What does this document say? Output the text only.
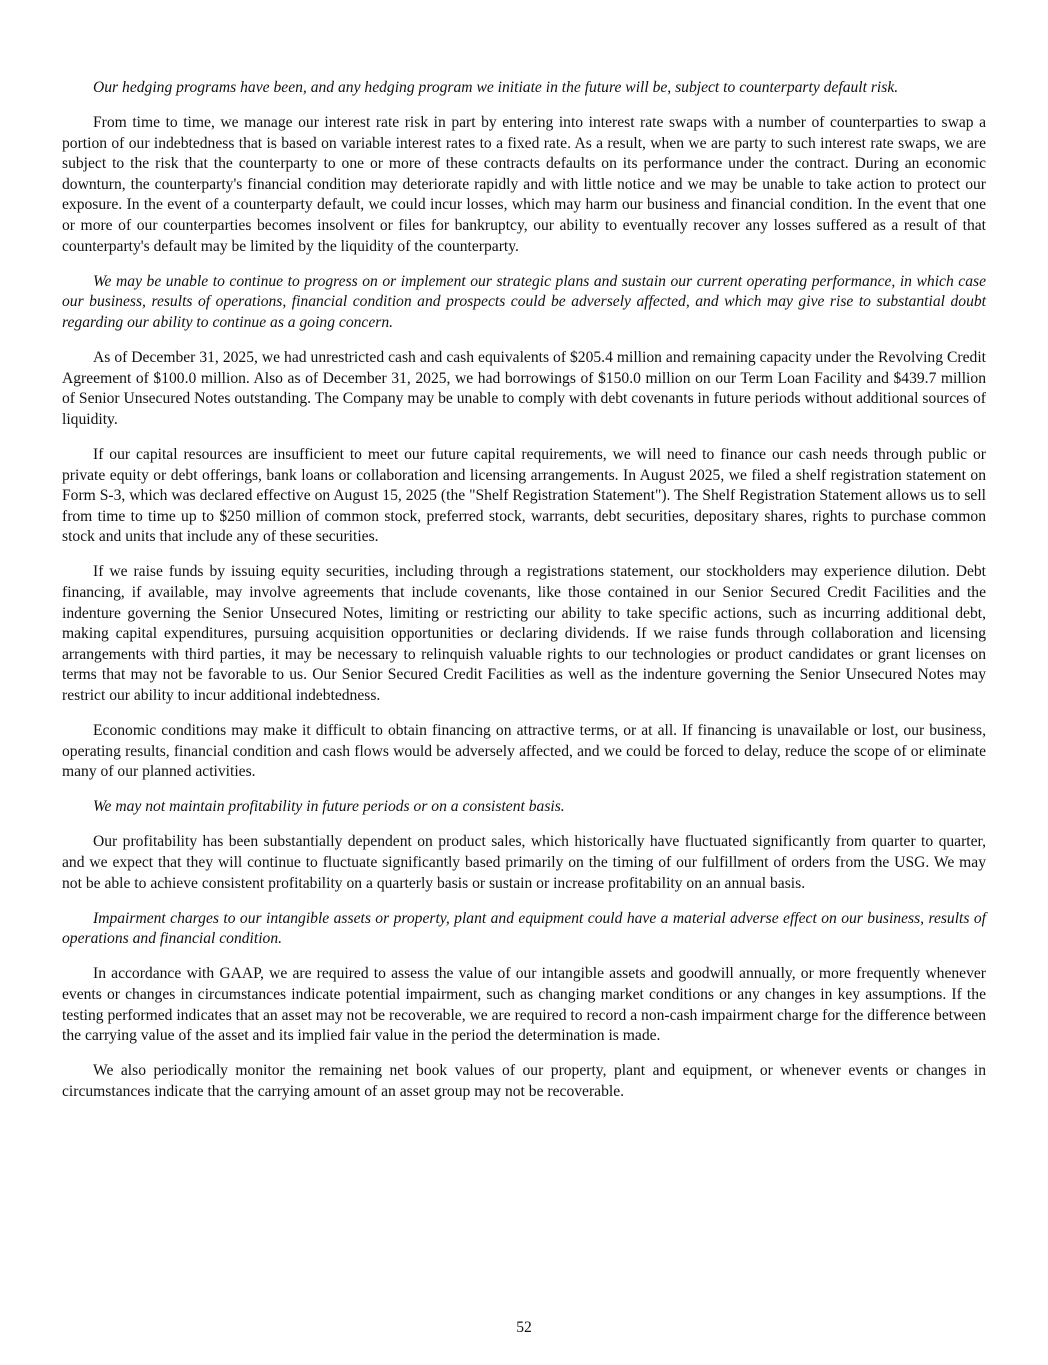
Our hedging programs have been, and any hedging program we initiate in the future will be, subject to counterparty default risk.

From time to time, we manage our interest rate risk in part by entering into interest rate swaps with a number of counterparties to swap a portion of our indebtedness that is based on variable interest rates to a fixed rate. As a result, when we are party to such interest rate swaps, we are subject to the risk that the counterparty to one or more of these contracts defaults on its performance under the contract. During an economic downturn, the counterparty's financial condition may deteriorate rapidly and with little notice and we may be unable to take action to protect our exposure. In the event of a counterparty default, we could incur losses, which may harm our business and financial condition. In the event that one or more of our counterparties becomes insolvent or files for bankruptcy, our ability to eventually recover any losses suffered as a result of that counterparty's default may be limited by the liquidity of the counterparty.

We may be unable to continue to progress on or implement our strategic plans and sustain our current operating performance, in which case our business, results of operations, financial condition and prospects could be adversely affected, and which may give rise to substantial doubt regarding our ability to continue as a going concern.

As of December 31, 2025, we had unrestricted cash and cash equivalents of $205.4 million and remaining capacity under the Revolving Credit Agreement of $100.0 million. Also as of December 31, 2025, we had borrowings of $150.0 million on our Term Loan Facility and $439.7 million of Senior Unsecured Notes outstanding. The Company may be unable to comply with debt covenants in future periods without additional sources of liquidity.

If our capital resources are insufficient to meet our future capital requirements, we will need to finance our cash needs through public or private equity or debt offerings, bank loans or collaboration and licensing arrangements. In August 2025, we filed a shelf registration statement on Form S-3, which was declared effective on August 15, 2025 (the "Shelf Registration Statement"). The Shelf Registration Statement allows us to sell from time to time up to $250 million of common stock, preferred stock, warrants, debt securities, depositary shares, rights to purchase common stock and units that include any of these securities.

If we raise funds by issuing equity securities, including through a registrations statement, our stockholders may experience dilution. Debt financing, if available, may involve agreements that include covenants, like those contained in our Senior Secured Credit Facilities and the indenture governing the Senior Unsecured Notes, limiting or restricting our ability to take specific actions, such as incurring additional debt, making capital expenditures, pursuing acquisition opportunities or declaring dividends. If we raise funds through collaboration and licensing arrangements with third parties, it may be necessary to relinquish valuable rights to our technologies or product candidates or grant licenses on terms that may not be favorable to us. Our Senior Secured Credit Facilities as well as the indenture governing the Senior Unsecured Notes may restrict our ability to incur additional indebtedness.

Economic conditions may make it difficult to obtain financing on attractive terms, or at all. If financing is unavailable or lost, our business, operating results, financial condition and cash flows would be adversely affected, and we could be forced to delay, reduce the scope of or eliminate many of our planned activities.

We may not maintain profitability in future periods or on a consistent basis.

Our profitability has been substantially dependent on product sales, which historically have fluctuated significantly from quarter to quarter, and we expect that they will continue to fluctuate significantly based primarily on the timing of our fulfillment of orders from the USG. We may not be able to achieve consistent profitability on a quarterly basis or sustain or increase profitability on an annual basis.

Impairment charges to our intangible assets or property, plant and equipment could have a material adverse effect on our business, results of operations and financial condition.

In accordance with GAAP, we are required to assess the value of our intangible assets and goodwill annually, or more frequently whenever events or changes in circumstances indicate potential impairment, such as changing market conditions or any changes in key assumptions. If the testing performed indicates that an asset may not be recoverable, we are required to record a non-cash impairment charge for the difference between the carrying value of the asset and its implied fair value in the period the determination is made.

We also periodically monitor the remaining net book values of our property, plant and equipment, or whenever events or changes in circumstances indicate that the carrying amount of an asset group may not be recoverable.

52
